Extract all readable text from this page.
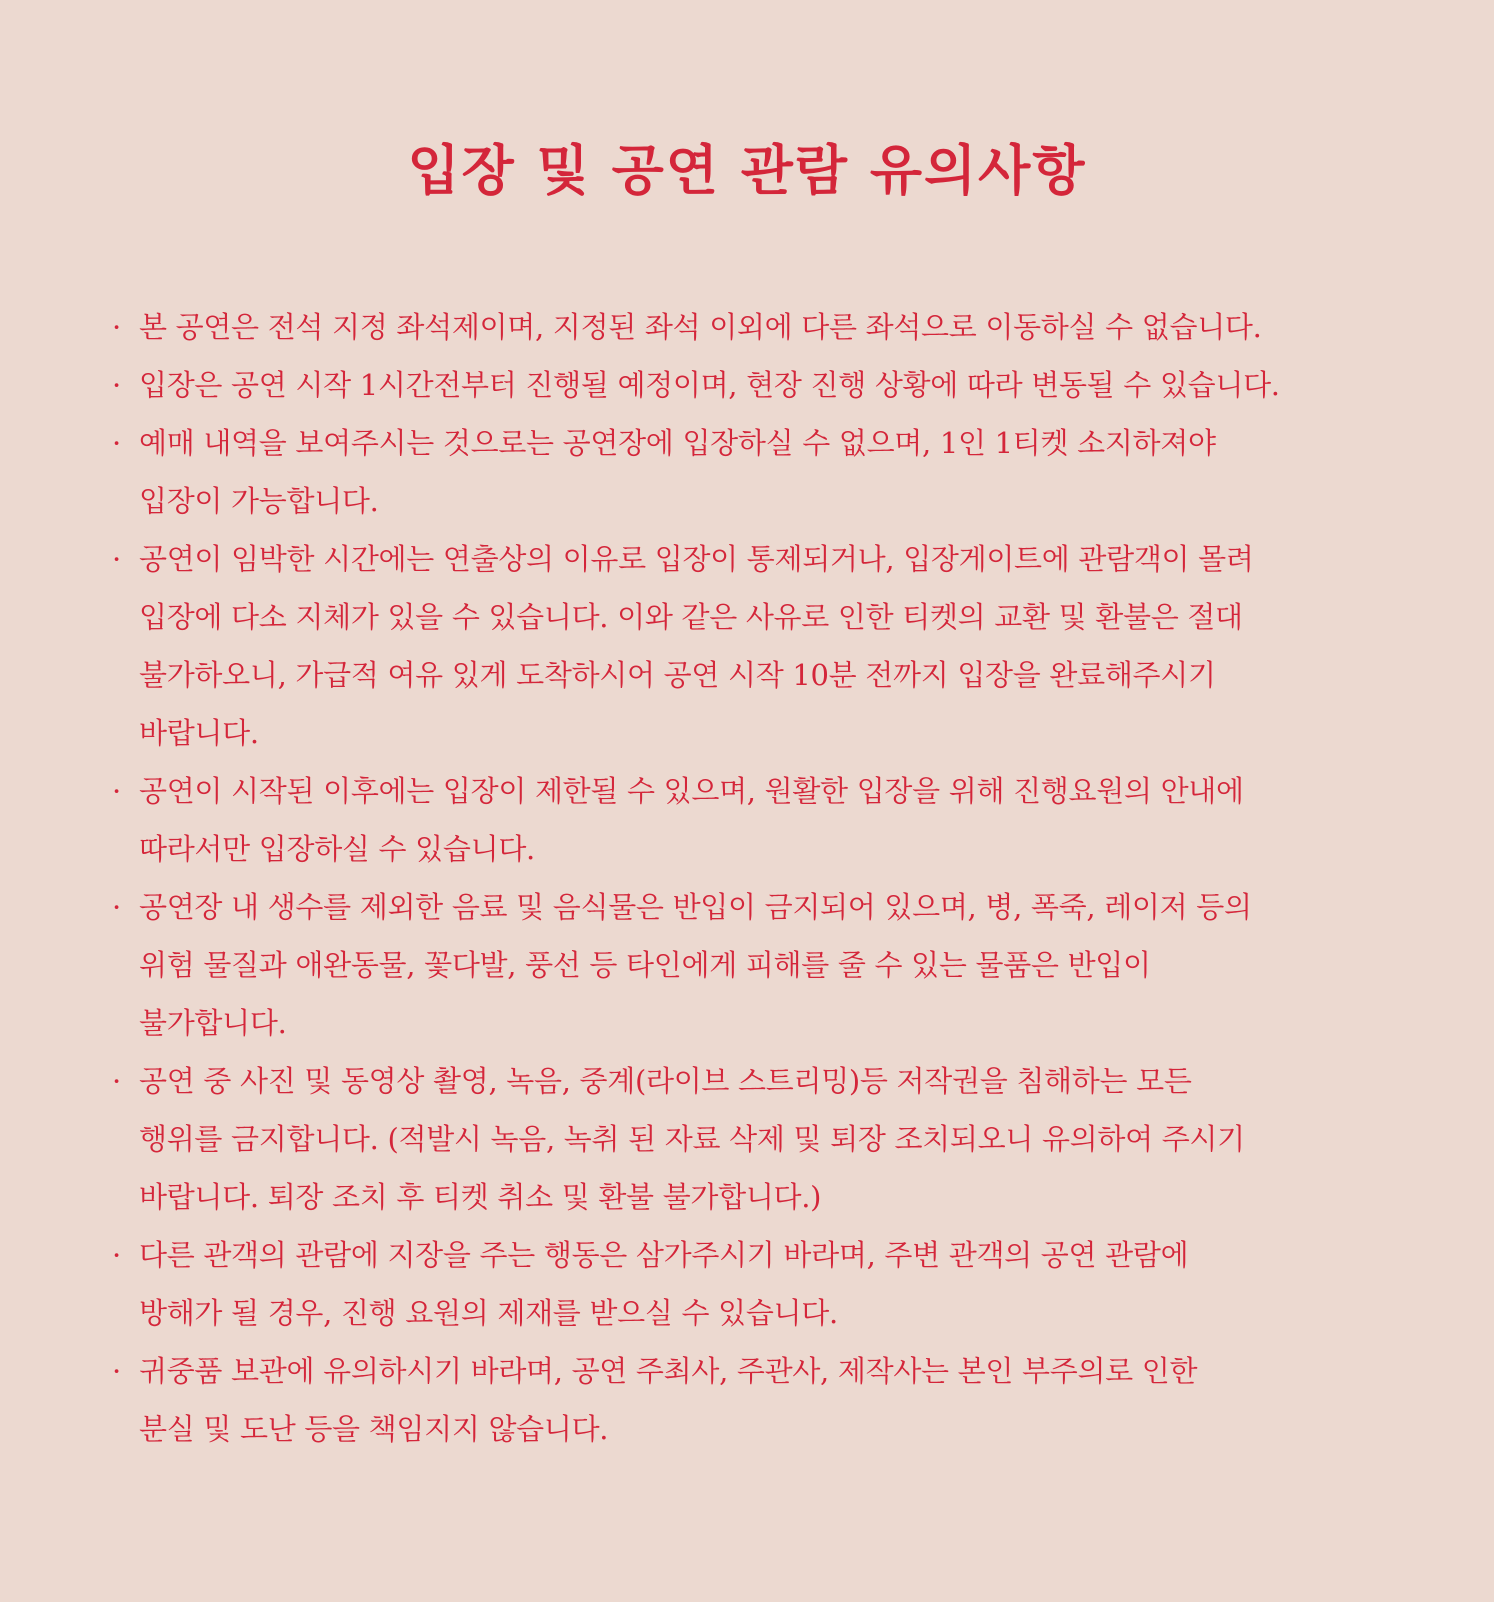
입장 및 공연 관람 유의사항
· 본 공연은 전석 지정 좌석제이며, 지정된 좌석 이외에 다른 좌석으로 이동하실 수 없습니다.
· 입장은 공연 시작 1시간전부터 진행될 예정이며, 현장 진행 상황에 따라 변동될 수 있습니다.
· 예매 내역을 보여주시는 것으로는 공연장에 입장하실 수 없으며, 1인 1티켓 소지하져야
입장이 가능합니다.
· 공연이 임박한 시간에는 연출상의 이유로 입장이 통제되거나, 입장게이트에 관람객이 몰려
입장에 다소 지체가 있을 수 있습니다. 이와 같은 사유로 인한 티켓의 교환 및 환불은 절대
불가하오니, 가급적 여유 있게 도착하시어 공연 시작 10분 전까지 입장을 완료해주시기
바랍니다.
· 공연이 시작된 이후에는 입장이 제한될 수 있으며, 원활한 입장을 위해 진행요원의 안내에
따라서만 입장하실 수 있습니다.
· 공연장 내 생수를 제외한 음료 및 음식물은 반입이 금지되어 있으며, 병, 폭죽, 레이저 등의
위험 물질과 애완동물, 꽃다발, 풍선 등 타인에게 피해를 줄 수 있는 물품은 반입이
불가합니다.
· 공연 중 사진 및 동영상 촬영, 녹음, 중계(라이브 스트리밍)등 저작권을 침해하는 모든
행위를 금지합니다. (적발시 녹음, 녹취 된 자료 삭제 및 퇴장 조치되오니 유의하여 주시기
바랍니다. 퇴장 조치 후 티켓 취소 및 환불 불가합니다.)
· 다른 관객의 관람에 지장을 주는 행동은 삼가주시기 바라며, 주변 관객의 공연 관람에
방해가 될 경우, 진행 요원의 제재를 받으실 수 있습니다.
· 귀중품 보관에 유의하시기 바라며, 공연 주최사, 주관사, 제작사는 본인 부주의로 인한
분실 및 도난 등을 책임지지 않습니다.
